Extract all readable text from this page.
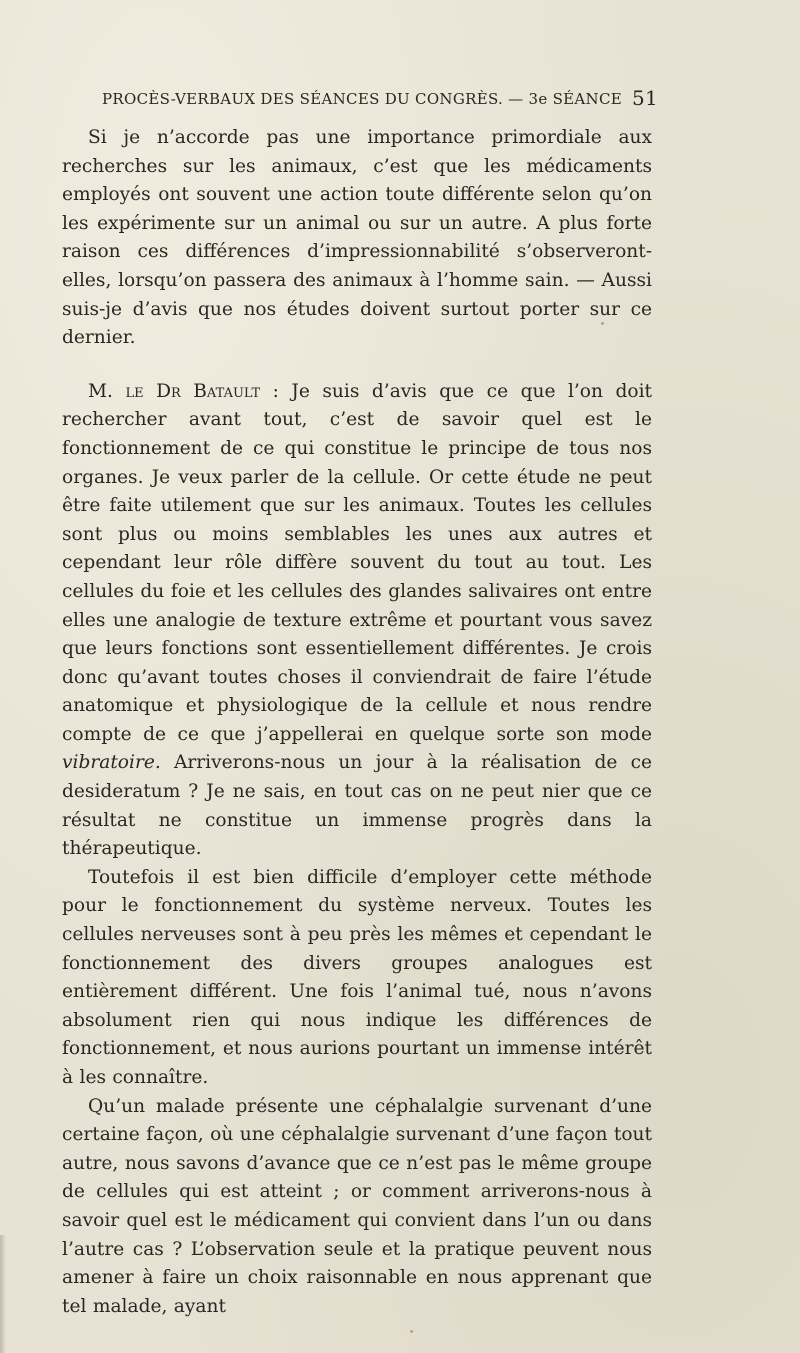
PROCÈS-VERBAUX DES SÉANCES DU CONGRÈS. — 3e SÉANCE 51

Si je n’accorde pas une importance primordiale aux recherches sur les animaux, c’est que les médicaments employés ont souvent une action toute différente selon qu’on les expérimente sur un animal ou sur un autre. A plus forte raison ces différences d’impressionnabilité s’observeront-elles, lorsqu’on passera des animaux à l’homme sain. — Aussi suis-je d’avis que nos études doivent surtout porter sur ce dernier.

M. le Dr Batault : Je suis d’avis que ce que l’on doit rechercher avant tout, c’est de savoir quel est le fonctionnement de ce qui constitue le principe de tous nos organes. Je veux parler de la cellule. Or cette étude ne peut être faite utilement que sur les animaux. Toutes les cellules sont plus ou moins semblables les unes aux autres et cependant leur rôle diffère souvent du tout au tout. Les cellules du foie et les cellules des glandes salivaires ont entre elles une analogie de texture extrême et pourtant vous savez que leurs fonctions sont essentiellement différentes. Je crois donc qu’avant toutes choses il conviendrait de faire l’étude anatomique et physiologique de la cellule et nous rendre compte de ce que j’appellerai en quelque sorte son mode vibratoire. Arriverons-nous un jour à la réalisation de ce desideratum ? Je ne sais, en tout cas on ne peut nier que ce résultat ne constitue un immense progrès dans la thérapeutique.

Toutefois il est bien difficile d’employer cette méthode pour le fonctionnement du système nerveux. Toutes les cellules nerveuses sont à peu près les mêmes et cependant le fonctionnement des divers groupes analogues est entièrement différent. Une fois l’animal tué, nous n’avons absolument rien qui nous indique les différences de fonctionnement, et nous aurions pourtant un immense intérêt à les connaître.

Qu’un malade présente une céphalalgie survenant d’une certaine façon, où une céphalalgie survenant d’une façon tout autre, nous savons d’avance que ce n’est pas le même groupe de cellules qui est atteint ; or comment arriverons-nous à savoir quel est le médicament qui convient dans l’un ou dans l’autre cas ? L’observation seule et la pratique peuvent nous amener à faire un choix raisonnable en nous apprenant que tel malade, ayant
